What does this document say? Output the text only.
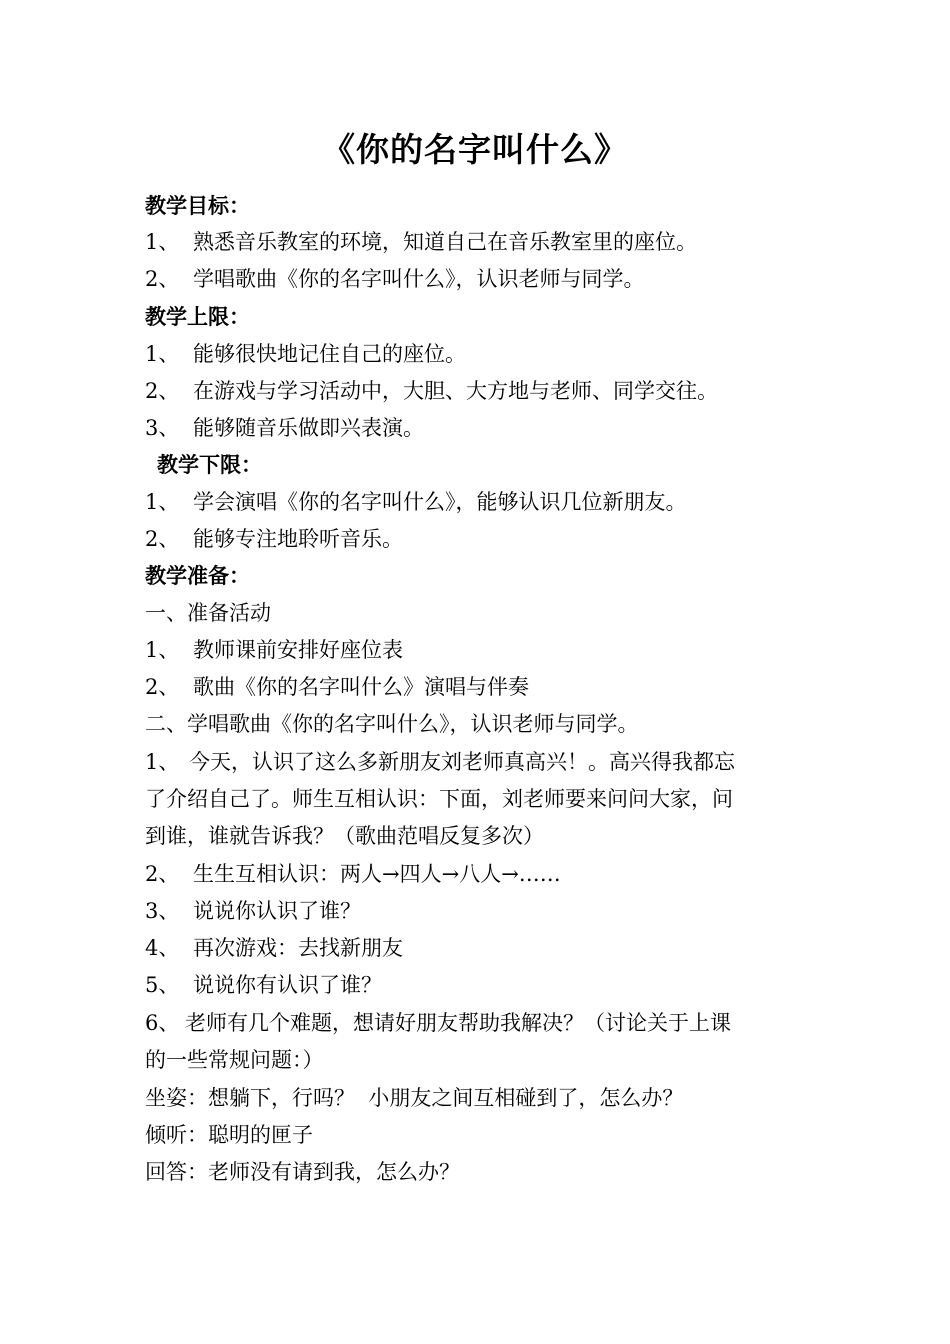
《你的名字叫什么》
教学目标：
1、 熟悉音乐教室的环境，知道自己在音乐教室里的座位。
2、 学唱歌曲《你的名字叫什么》，认识老师与同学。
教学上限：
1、 能够很快地记住自己的座位。
2、 在游戏与学习活动中，大胆、大方地与老师、同学交往。
3、 能够随音乐做即兴表演。
教学下限：
1、 学会演唱《你的名字叫什么》，能够认识几位新朋友。
2、 能够专注地聆听音乐。
教学准备：
一、准备活动
1、 教师课前安排好座位表
2、 歌曲《你的名字叫什么》演唱与伴奏
二、学唱歌曲《你的名字叫什么》，认识老师与同学。
1、 今天，认识了这么多新朋友刘老师真高兴！。高兴得我都忘
了介绍自己了。师生互相认识：下面，刘老师要来问问大家，问
到谁，谁就告诉我？（歌曲范唱反复多次）
2、 生生互相认识：两人→四人→八人→……
3、 说说你认识了谁？
4、 再次游戏：去找新朋友
5、 说说你有认识了谁？
6、 老师有几个难题，想请好朋友帮助我解决？（讨论关于上课
的一些常规问题：）
坐姿：想躺下，行吗？  小朋友之间互相碰到了，怎么办？
倾听：聪明的匣子
回答：老师没有请到我，怎么办？
